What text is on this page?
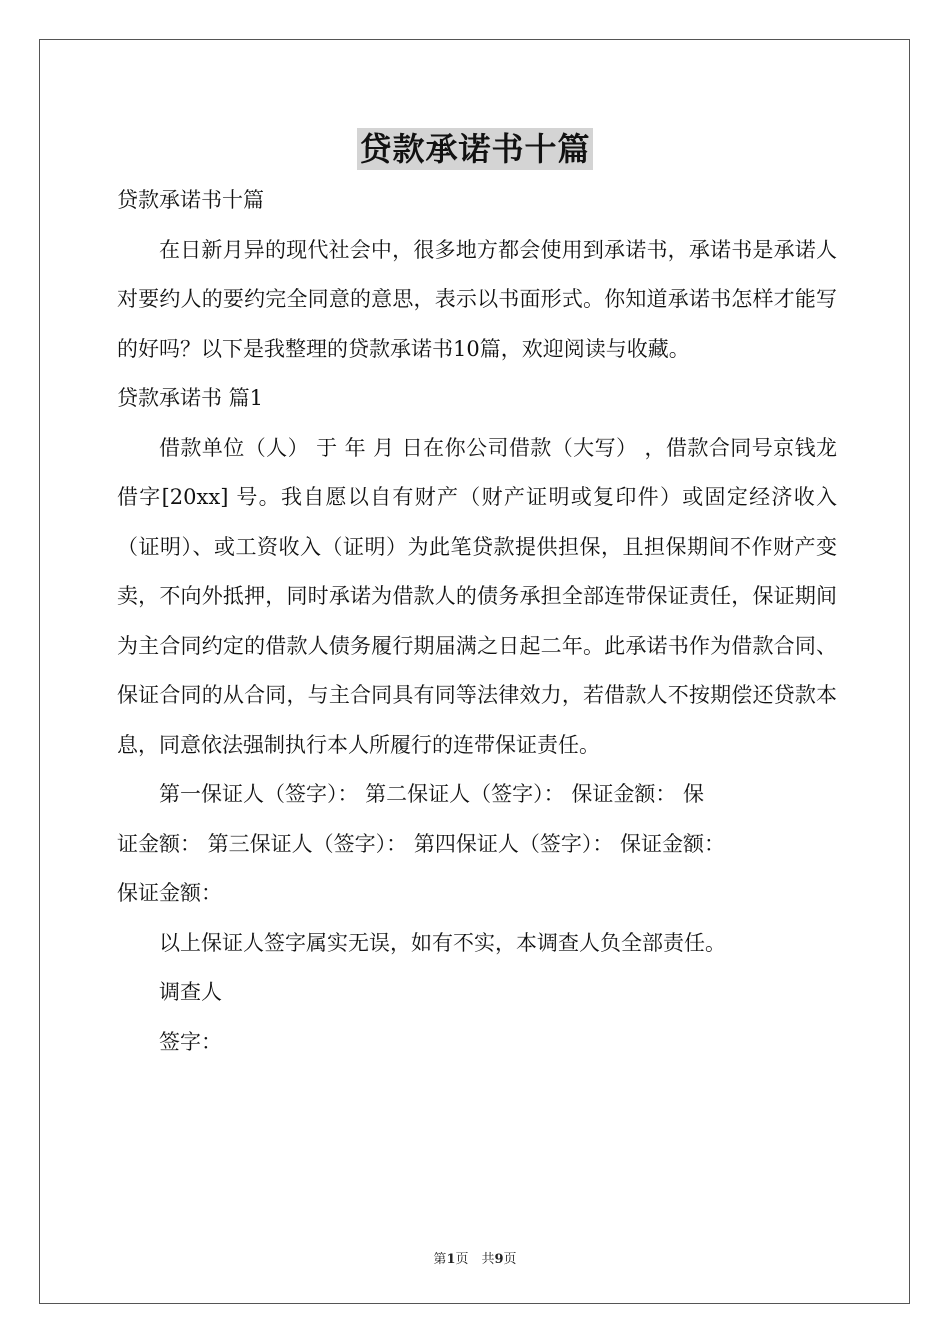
贷款承诺书十篇

贷款承诺书十篇

在日新月异的现代社会中，很多地方都会使用到承诺书，承诺书是承诺人对要约人的要约完全同意的意思，表示以书面形式。你知道承诺书怎样才能写的好吗？以下是我整理的贷款承诺书10篇，欢迎阅读与收藏。

贷款承诺书 篇1

借款单位（人） 于 年 月 日在你公司借款（大写） ，借款合同号京钱龙借字[20xx] 号。我自愿以自有财产（财产证明或复印件）或固定经济收入（证明）、或工资收入（证明）为此笔贷款提供担保，且担保期间不作财产变卖，不向外抵押，同时承诺为借款人的债务承担全部连带保证责任，保证期间为主合同约定的借款人债务履行期届满之日起二年。此承诺书作为借款合同、保证合同的从合同，与主合同具有同等法律效力，若借款人不按期偿还贷款本息，同意依法强制执行本人所履行的连带保证责任。

第一保证人（签字）： 第二保证人（签字）： 保证金额： 保

证金额： 第三保证人（签字）： 第四保证人（签字）： 保证金额：

保证金额：

以上保证人签字属实无误，如有不实，本调查人负全部责任。

调查人

签字：

第1页　共9页
